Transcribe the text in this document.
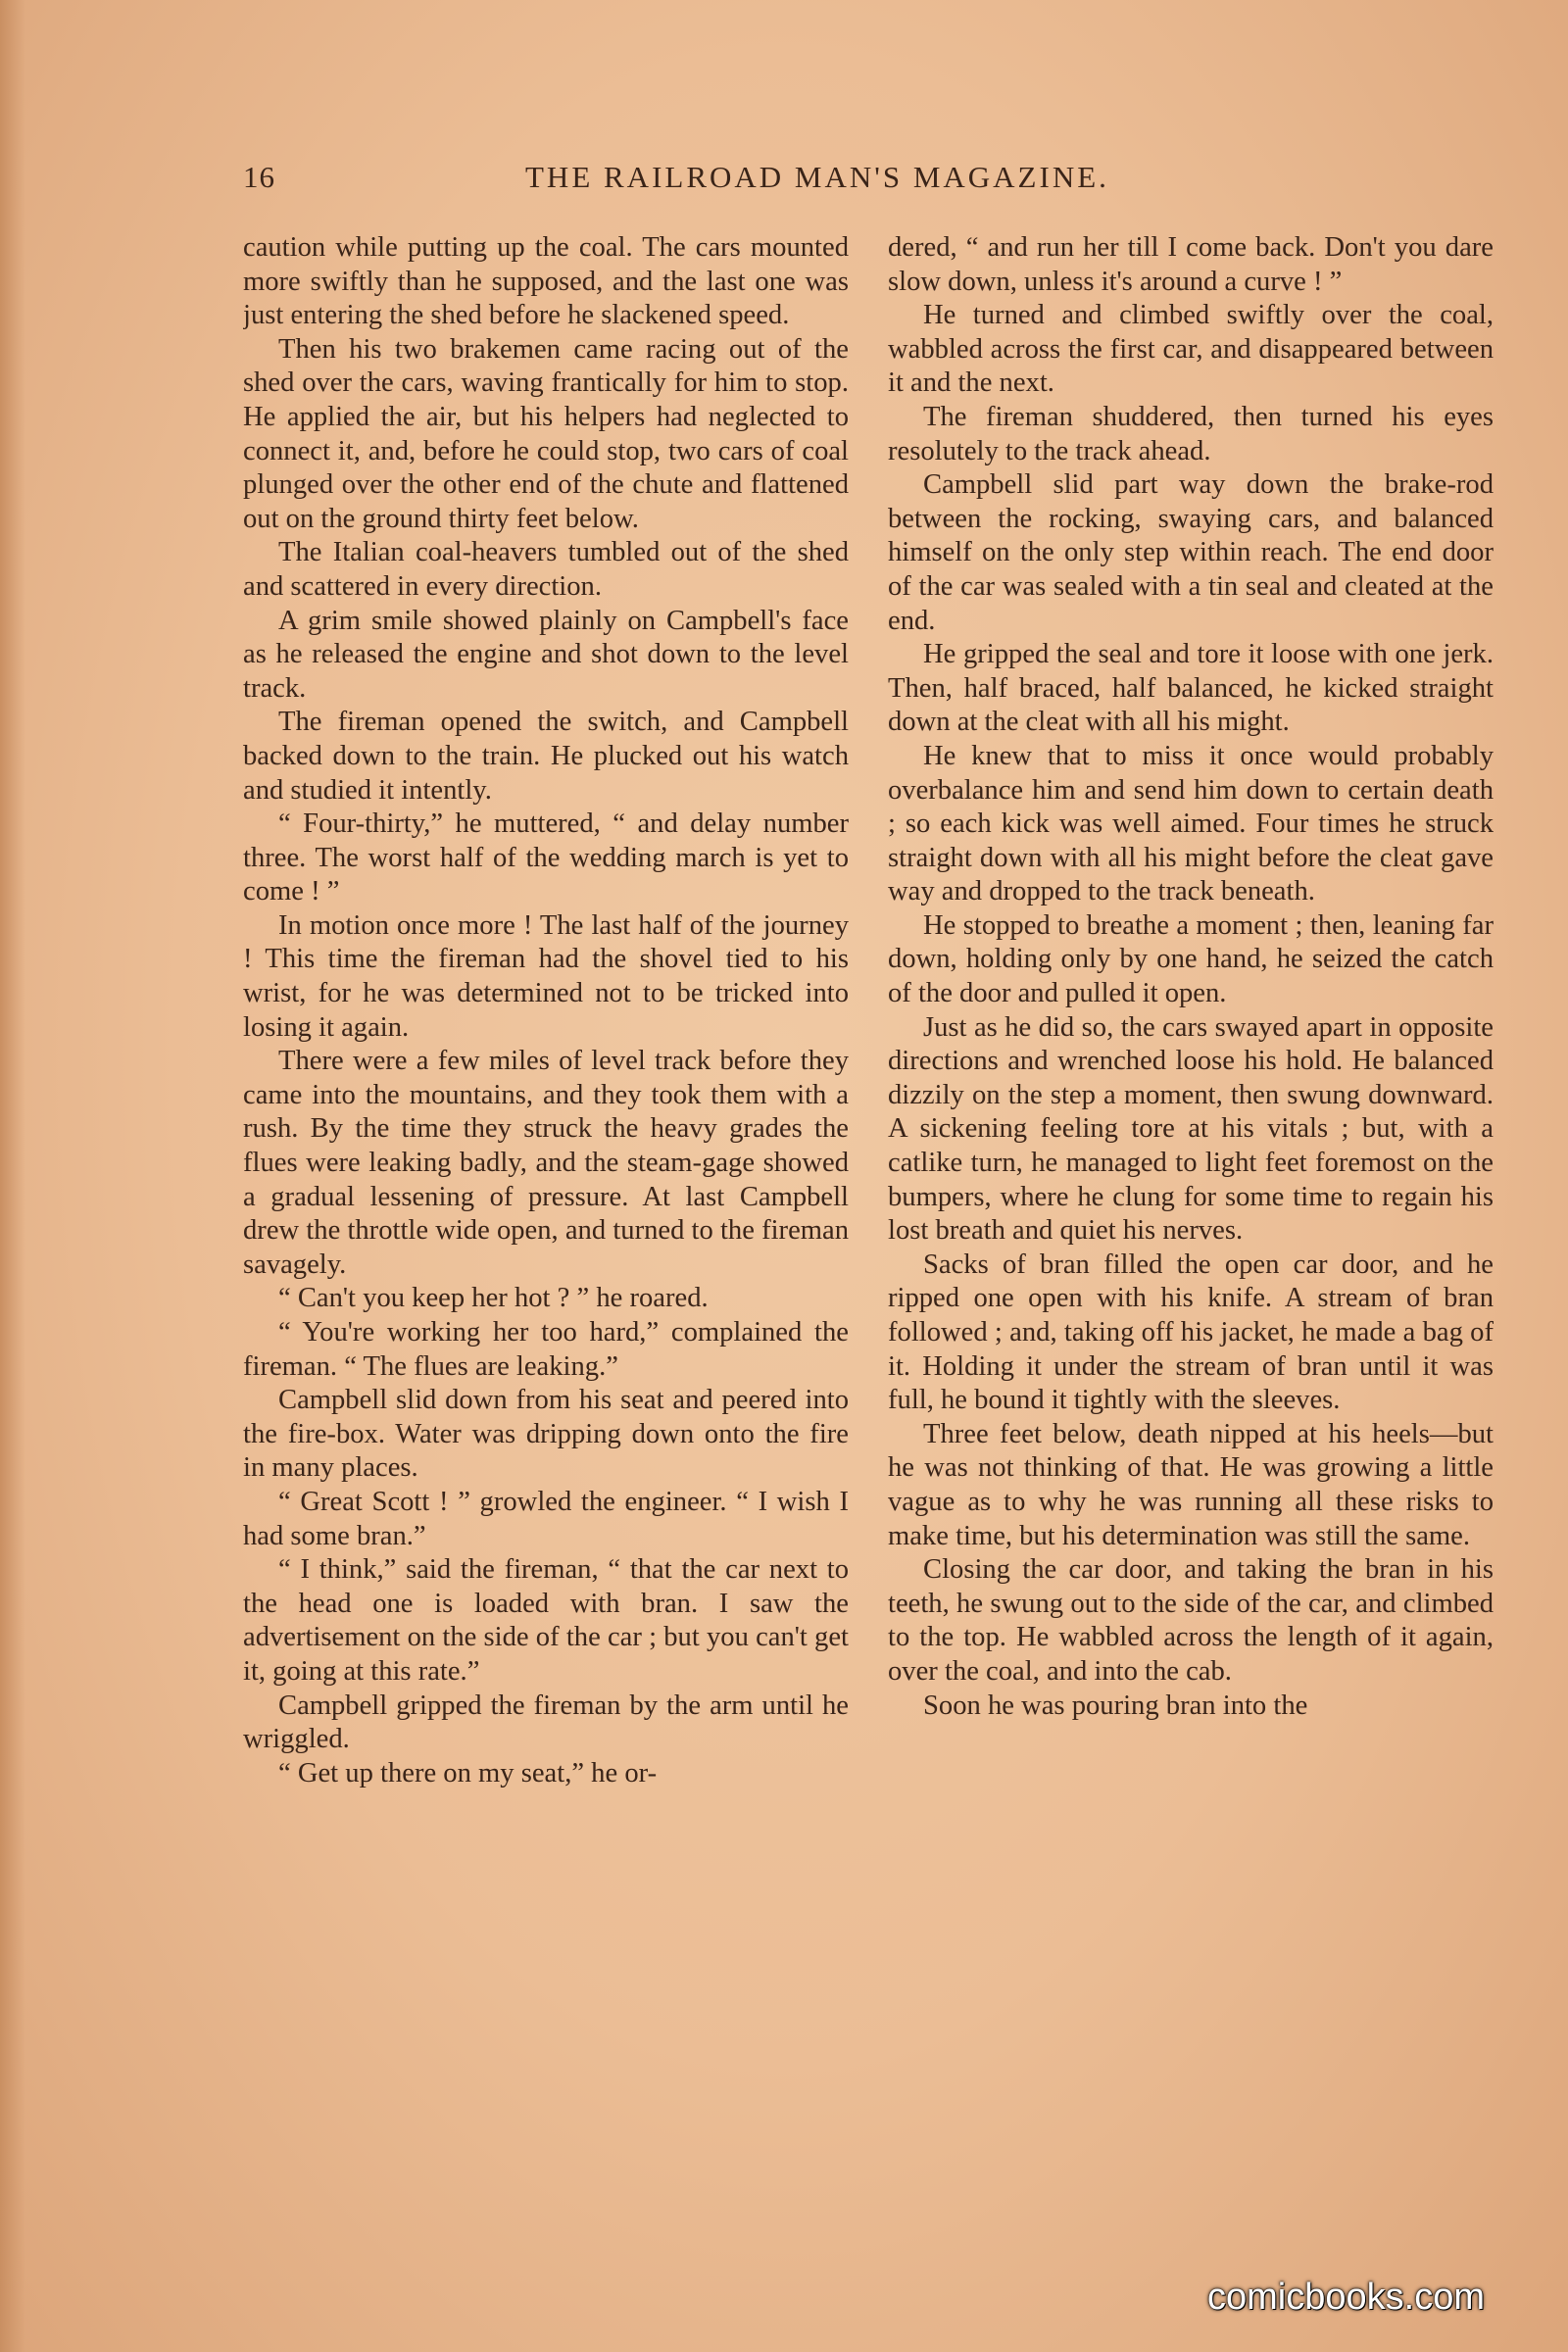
16	THE RAILROAD MAN'S MAGAZINE.

caution while putting up the coal. The cars mounted more swiftly than he supposed, and the last one was just entering the shed before he slackened speed.

Then his two brakemen came racing out of the shed over the cars, waving frantically for him to stop. He applied the air, but his helpers had neglected to connect it, and, before he could stop, two cars of coal plunged over the other end of the chute and flattened out on the ground thirty feet below.

The Italian coal-heavers tumbled out of the shed and scattered in every direction.

A grim smile showed plainly on Campbell's face as he released the engine and shot down to the level track.

The fireman opened the switch, and Campbell backed down to the train. He plucked out his watch and studied it intently.

“ Four-thirty,” he muttered, “ and delay number three. The worst half of the wedding march is yet to come ! ”

In motion once more ! The last half of the journey ! This time the fireman had the shovel tied to his wrist, for he was determined not to be tricked into losing it again.

There were a few miles of level track before they came into the mountains, and they took them with a rush. By the time they struck the heavy grades the flues were leaking badly, and the steam-gage showed a gradual lessening of pressure. At last Campbell drew the throttle wide open, and turned to the fireman savagely.

“ Can't you keep her hot ? ” he roared.

“ You're working her too hard,” complained the fireman. “ The flues are leaking.”

Campbell slid down from his seat and peered into the fire-box. Water was dripping down onto the fire in many places.

“ Great Scott ! ” growled the engineer. “ I wish I had some bran.”

“ I think,” said the fireman, “ that the car next to the head one is loaded with bran. I saw the advertisement on the side of the car ; but you can't get it, going at this rate.”

Campbell gripped the fireman by the arm until he wriggled.

“ Get up there on my seat,” he or-

dered, “ and run her till I come back. Don't you dare slow down, unless it's around a curve ! ”

He turned and climbed swiftly over the coal, wabbled across the first car, and disappeared between it and the next.

The fireman shuddered, then turned his eyes resolutely to the track ahead.

Campbell slid part way down the brake-rod between the rocking, swaying cars, and balanced himself on the only step within reach. The end door of the car was sealed with a tin seal and cleated at the end.

He gripped the seal and tore it loose with one jerk. Then, half braced, half balanced, he kicked straight down at the cleat with all his might.

He knew that to miss it once would probably overbalance him and send him down to certain death ; so each kick was well aimed. Four times he struck straight down with all his might before the cleat gave way and dropped to the track beneath.

He stopped to breathe a moment ; then, leaning far down, holding only by one hand, he seized the catch of the door and pulled it open.

Just as he did so, the cars swayed apart in opposite directions and wrenched loose his hold. He balanced dizzily on the step a moment, then swung downward. A sickening feeling tore at his vitals ; but, with a catlike turn, he managed to light feet foremost on the bumpers, where he clung for some time to regain his lost breath and quiet his nerves.

Sacks of bran filled the open car door, and he ripped one open with his knife. A stream of bran followed ; and, taking off his jacket, he made a bag of it. Holding it under the stream of bran until it was full, he bound it tightly with the sleeves.

Three feet below, death nipped at his heels—but he was not thinking of that. He was growing a little vague as to why he was running all these risks to make time, but his determination was still the same.

Closing the car door, and taking the bran in his teeth, he swung out to the side of the car, and climbed to the top. He wabbled across the length of it again, over the coal, and into the cab.

Soon he was pouring bran into the

comicbooks.com
